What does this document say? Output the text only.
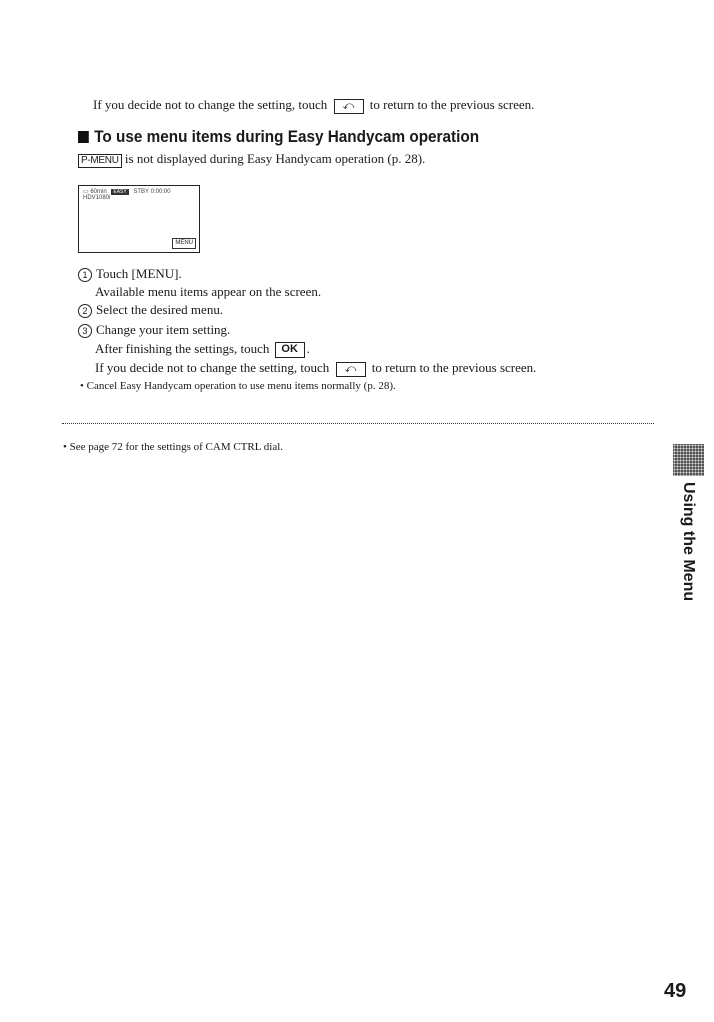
If you decide not to change the setting, touch ⤺ to return to the previous screen.
To use menu items during Easy Handycam operation
P-MENU is not displayed during Easy Handycam operation (p. 28).
▭ 60min EASY STBY 0:00:00
HDV1080i
MENU
1 Touch [MENU].
Available menu items appear on the screen.
2 Select the desired menu.
3 Change your item setting.
After finishing the settings, touch OK .
If you decide not to change the setting, touch ⤺ to return to the previous screen.
• Cancel Easy Handycam operation to use menu items normally (p. 28).
• See page 72 for the settings of CAM CTRL dial.
Using the Menu
49
